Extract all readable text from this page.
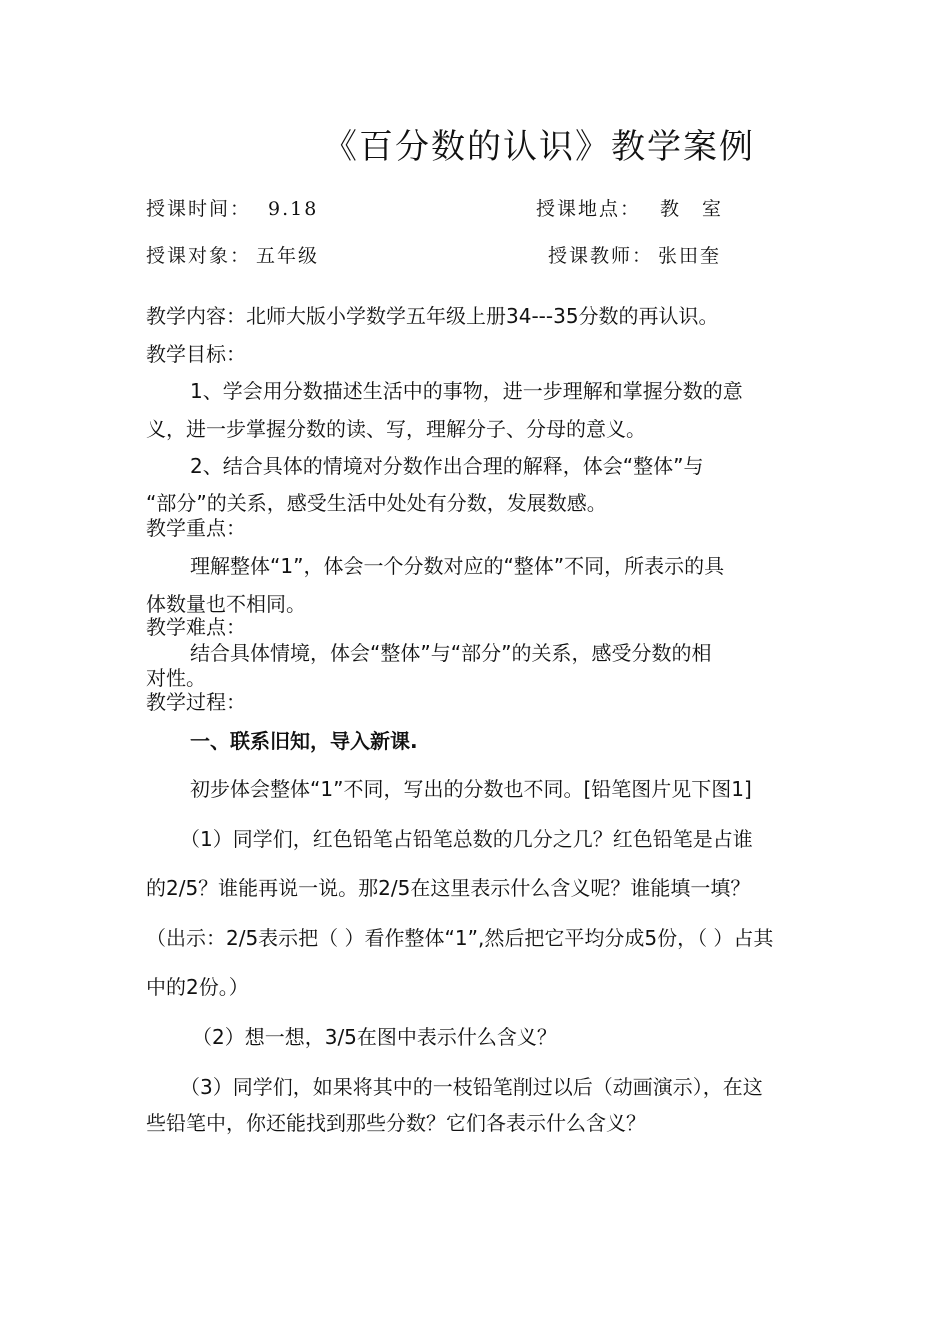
《百分数的认识》教学案例
授课时间： 9.18	授课地点： 教　室
授课对象： 五年级	授课教师： 张田奎
教学内容：北师大版小学数学五年级上册34---35分数的再认识。
教学目标：
1、学会用分数描述生活中的事物，进一步理解和掌握分数的意
义，进一步掌握分数的读、写，理解分子、分母的意义。
2、结合具体的情境对分数作出合理的解释，体会“整体”与
“部分”的关系，感受生活中处处有分数，发展数感。
教学重点：
理解整体“1”，体会一个分数对应的“整体”不同，所表示的具
体数量也不相同。
教学难点：
结合具体情境，体会“整体”与“部分”的关系，感受分数的相
对性。
教学过程：
一、联系旧知，导入新课.
初步体会整体“1”不同，写出的分数也不同。[铅笔图片见下图1]
（1）同学们，红色铅笔占铅笔总数的几分之几？红色铅笔是占谁
的2/5？谁能再说一说。那2/5在这里表示什么含义呢？谁能填一填？
（出示：2/5表示把（ ）看作整体“1”,然后把它平均分成5份，（ ）占其
中的2份。）
（2）想一想，3/5在图中表示什么含义？
（3）同学们，如果将其中的一枝铅笔削过以后（动画演示），在这
些铅笔中，你还能找到那些分数？它们各表示什么含义？
